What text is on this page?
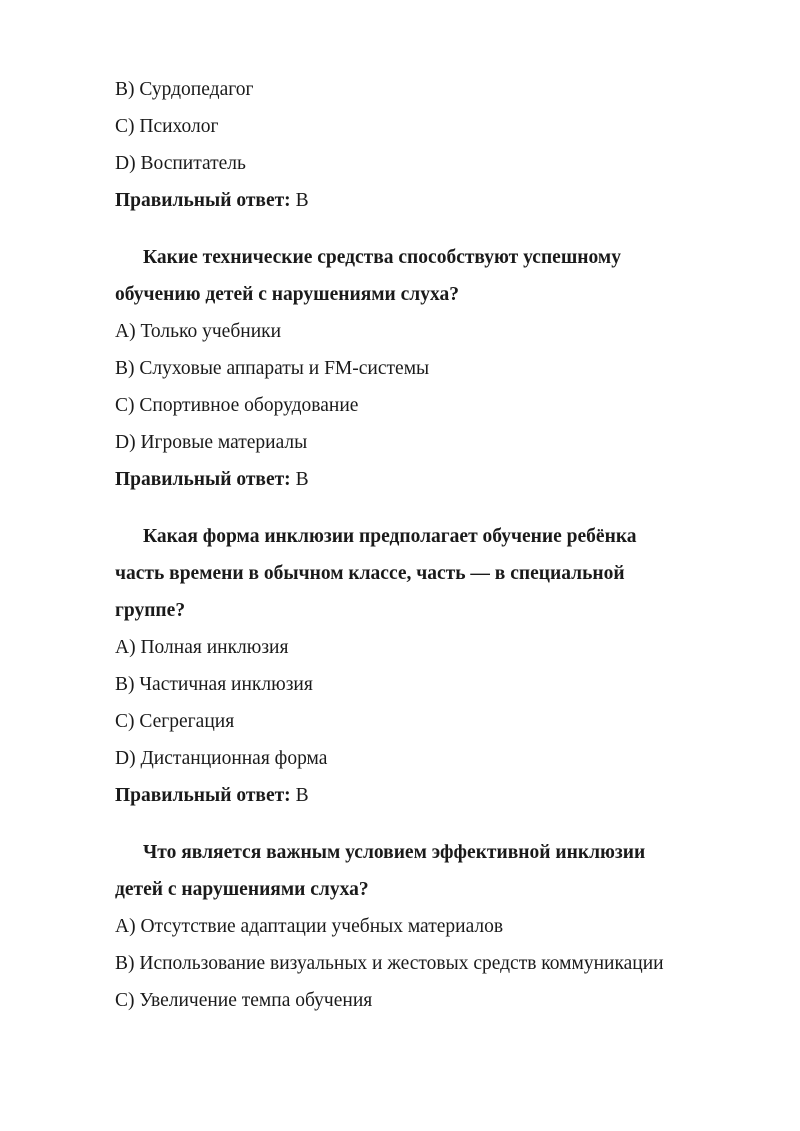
B) Сурдопедагог
C) Психолог
D) Воспитатель
Правильный ответ: B
Какие технические средства способствуют успешному
обучению детей с нарушениями слуха?
A) Только учебники
B) Слуховые аппараты и FM-системы
C) Спортивное оборудование
D) Игровые материалы
Правильный ответ: B
Какая форма инклюзии предполагает обучение ребёнка
часть времени в обычном классе, часть — в специальной
группе?
A) Полная инклюзия
B) Частичная инклюзия
C) Сегрегация
D) Дистанционная форма
Правильный ответ: B
Что является важным условием эффективной инклюзии
детей с нарушениями слуха?
A) Отсутствие адаптации учебных материалов
B) Использование визуальных и жестовых средств коммуникации
C) Увеличение темпа обучения
